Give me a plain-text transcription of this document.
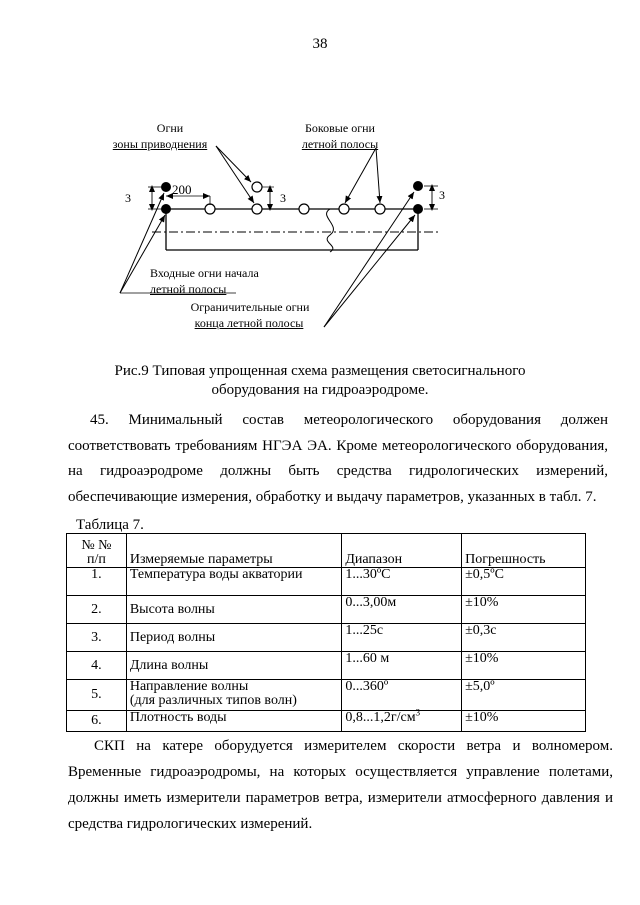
38
Огни
зоны приводнения
Боковые огни
летной полосы
3
200
3	3
Входные огни начала
летной полосы
Ограничительные огни
конца летной полосы
Рис.9 Типовая упрощенная схема размещения светосигнального
оборудования на гидроаэродроме.

45. Минимальный состав метеорологического оборудования должен

соответствовать требованиям НГЭА ЭА. Кроме метеорологического оборудования,

на гидроаэродроме должны быть средства гидрологических измерений,

обеспечивающие измерения, обработку и выдачу параметров, указанных в табл. 7.

Таблица 7.
№ №
п/п	Измеряемые параметры	Диапазон	Погрешность
1.	Температура воды акватории	1...30ºС	±0,5ºС
2.	Высота волны	0...3,00м	±10%
3.	Период волны	1...25с	±0,3с
4.	Длина волны	1...60 м	±10%
5.	Направление волны
(для различных типов волн)	0...360º	±5,0º
6.	Плотность воды	$0,8...1,2г/см^3$	±10%

СКП на катере оборудуется измерителем скорости ветра и волномером.

Временные гидроаэродромы, на которых осуществляется управление полетами,

должны иметь измерители параметров ветра, измерители атмосферного давления и

средства гидрологических измерений.
